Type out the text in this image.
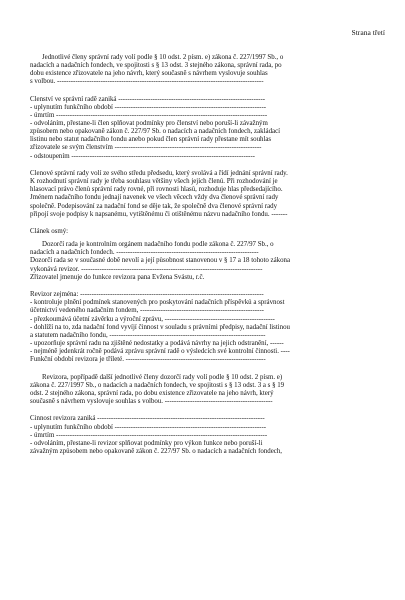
Strana třetí
Jednotlivé členy správní rady volí podle § 10 odst. 2 písm. e) zákona č. 227/1997 Sb., o
nadacích a nadačních fondech, ve spojitosti s § 13 odst. 3 stejného zákona, správní rada, po
dobu existence zřizovatele na jeho návrh, který současně s návrhem vyslovuje souhlas
s volbou. ------------------------------------------------------------------------------------------
Členství ve správní radě zaniká ----------------------------------------------------------------
- uplynutím funkčního období ------------------------------------------------------------------
- úmrtím --------------------------------------------------------------------------------------------
- odvoláním, přestane-li člen splňovat podmínky pro členství nebo poruší-li závažným
způsobem nebo opakovaně zákon č. 227/97 Sb. o nadacích a nadačních fondech, zakládací
listinu nebo statut nadačního fondu anebo pokud člen správní rady přestane mít souhlas
zřizovatele se svým členstvím ----------------------------------------------------------------
- odstoupením --------------------------------------------------------------------------------
Členové správní rady volí ze svého středu předsedu, který svolává a řídí jednání správní rady.
K rozhodnutí správní rady je třeba souhlasu většiny všech jejích členů. Při rozhodování je
hlasovací právo členů správní rady rovné, při rovnosti hlasů, rozhoduje hlas předsedajícího.
Jménem nadačního fondu jednají navenek ve všech věcech vždy dva členové správní rady
společně. Podepisování za nadační fond se děje tak, že společně dva členové správní rady
připojí svoje podpisy k napsanému, vytištěnému či otištěnému názvu nadačního fondu. -------
Článek osmý:
Dozorčí rada je kontrolním orgánem nadačního fondu podle zákona č. 227/97 Sb., o
nadacích a nadačních fondech. --------------------------------------------------------------
Dozorčí rada se v současné době nevolí a její působnost stanovenou v § 17 a 18 tohoto zákona
vykonává revizor. -------------------------------------------------------------------------------
Zřizovatel jmenuje do funkce revizora pana Evžena Švástu, r.č.
Revizor zejména: --------------------------------------------------------------------------------
- kontroluje plnění podmínek stanovených pro poskytování nadačních příspěvků a správnost
účetnictví vedeného nadačním fondem, ------------------------------------------------------
- přezkoumává účetní závěrku a výroční zprávu, ------------------------------------------------
- dohlíží na to, zda nadační fond vyvíjí činnost v souladu s právními předpisy, nadační listinou
a statutem nadačního fondu, --------------------------------------------------------------------
- upozorňuje správní radu na zjištěné nedostatky a podává návrhy na jejich odstranění, ------
- nejméně jedenkrát ročně podává zprávu správní radě o výsledcích své kontrolní činnosti. ----
Funkční období revizora je tříleté. -------------------------------------------------------------
Revizora, popřípadě další jednotlivé členy dozorčí rady volí podle § 10 odst. 2 písm. e)
zákona č. 227/1997 Sb., o nadacích a nadačních fondech, ve spojitosti s § 13 odst. 3 a s § 19
odst. 2 stejného zákona, správní rada, po dobu existence zřizovatele na jeho návrh, který
současně s návrhem vyslovuje souhlas s volbou. -----------------------------------------------
Činnost revizora zaniká -------------------------------------------------------------------------
- uplynutím funkčního období ------------------------------------------------------------------
- úmrtím --------------------------------------------------------------------------------------------
- odvoláním, přestane-li revizor splňovat podmínky pro výkon funkce nebo poruší-li
závažným způsobem nebo opakovaně zákon č. 227/97 Sb. o nadacích a nadačních fondech,
